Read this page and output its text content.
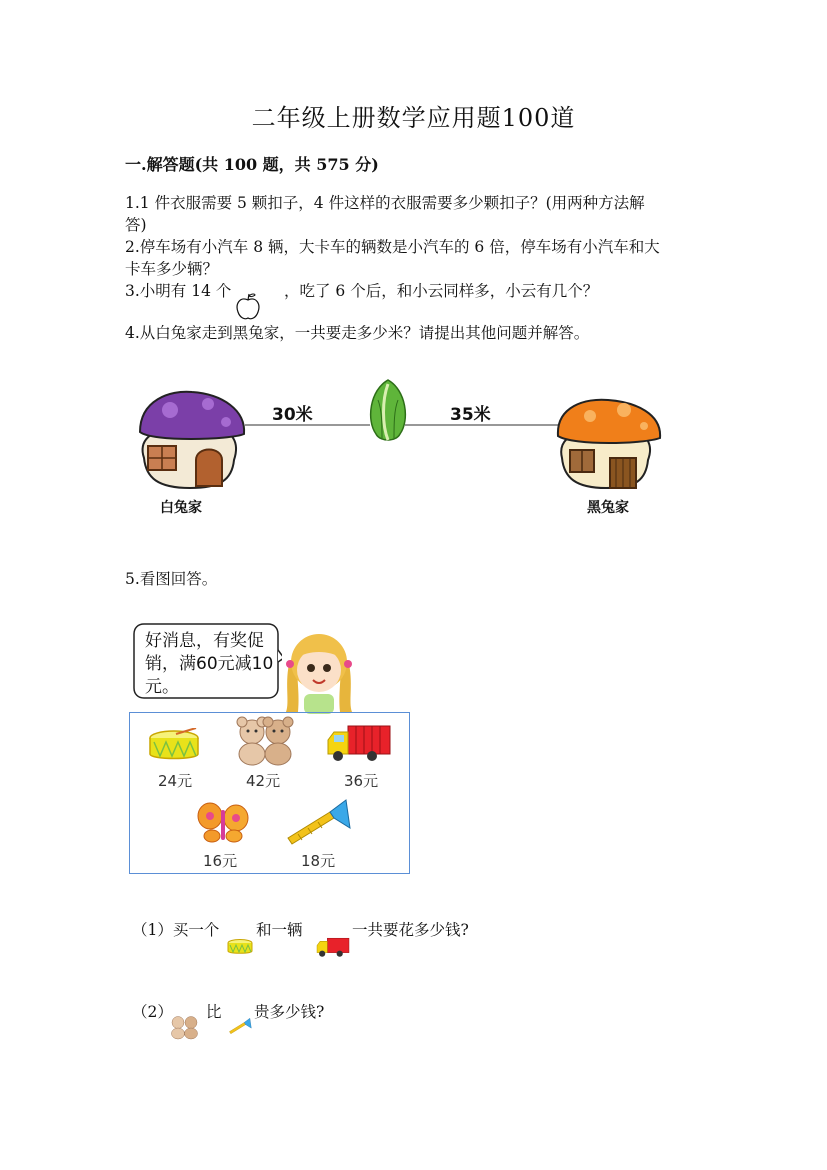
二年级上册数学应用题100道
一.解答题(共 100 题，共 575 分)
1.1 件衣服需要 5 颗扣子，4 件这样的衣服需要多少颗扣子？(用两种方法解
答)
2.停车场有小汽车 8 辆，大卡车的辆数是小汽车的 6 倍，停车场有小汽车和大
卡车多少辆？
3.小明有 14 个	，吃了 6 个后，和小云同样多，小云有几个？
4.从白兔家走到黑兔家，一共要走多少米？请提出其他问题并解答。
30米	35米
白兔家	黑兔家
5.看图回答。
好消息，有奖促
销，满60元减10
元。
24元	42元	36元
16元	18元
（1）买一个 和一辆	一共要花多少钱?
（2） 比 贵多少钱?
